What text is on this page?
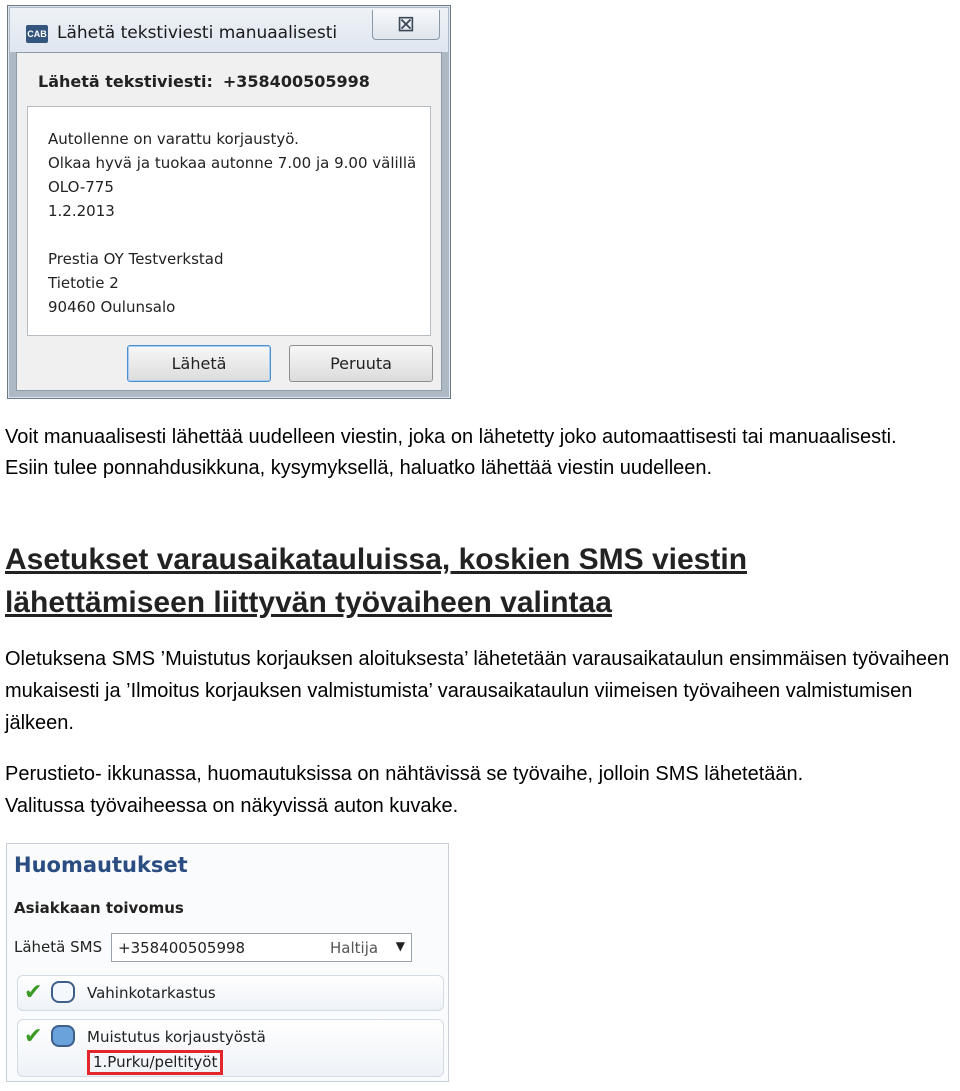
CAB Lähetä tekstiviesti manuaalisesti	⊠
Lähetä tekstiviesti: +358400505998
Autollenne on varattu korjaustyö.
Olkaa hyvä ja tuokaa autonne 7.00 ja 9.00 välillä
OLO-775
1.2.2013
Prestia OY Testverkstad
Tietotie 2
90460 Oulunsalo
Lähetä	Peruuta
Voit manuaalisesti lähettää uudelleen viestin, joka on lähetetty joko automaattisesti tai manuaalisesti. Esiin tulee ponnahdusikkuna, kysymyksellä, haluatko lähettää viestin uudelleen.
Asetukset varausaikatauluissa, koskien SMS viestin lähettämiseen liittyvän työvaiheen valintaa
Oletuksena SMS ’Muistutus korjauksen aloituksesta’ lähetetään varausaikataulun ensimmäisen työvaiheen mukaisesti ja ’Ilmoitus korjauksen valmistumista’ varausaikataulun viimeisen työvaiheen valmistumisen jälkeen.
Perustieto- ikkunassa, huomautuksissa on nähtävissä se työvaihe, jolloin SMS lähetetään.
Valitussa työvaiheessa on näkyvissä auton kuvake.
Huomautukset
Asiakkaan toivomus
Lähetä SMS +358400505998	Haltija ▼
✔	Vahinkotarkastus
✔	Muistutus korjaustyöstä
1.Purku/peltityöt
